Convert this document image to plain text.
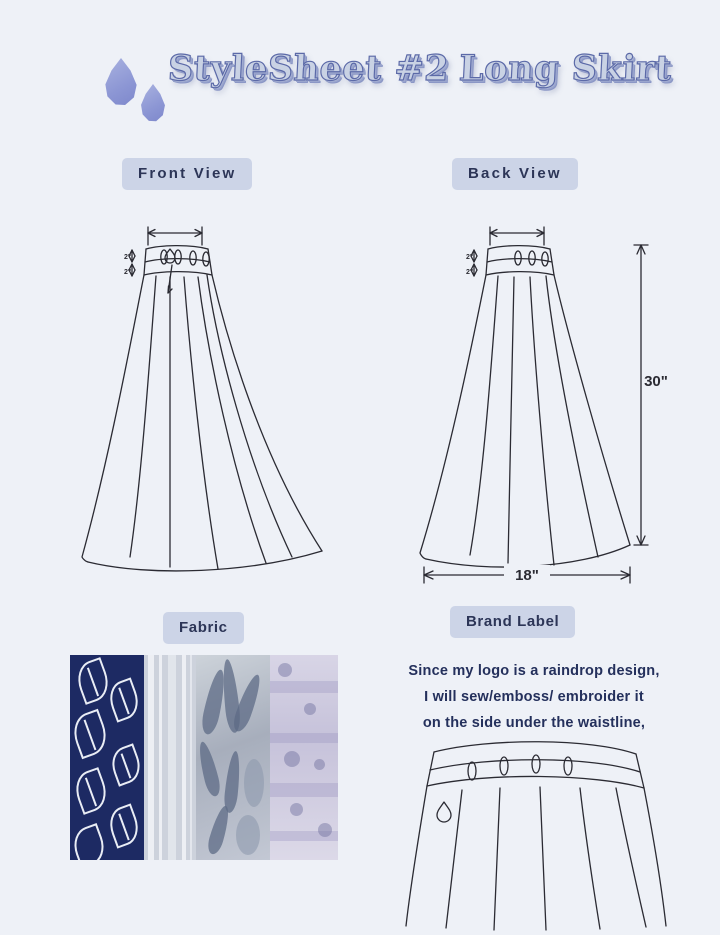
StyleSheet #2 Long Skirt
Front View	Back View
Fabric	Brand Label
2"
2"
2"
2"
30"
18"
Since my logo is a raindrop design,
I will sew/emboss/ embroider it
on the side under the waistline,
